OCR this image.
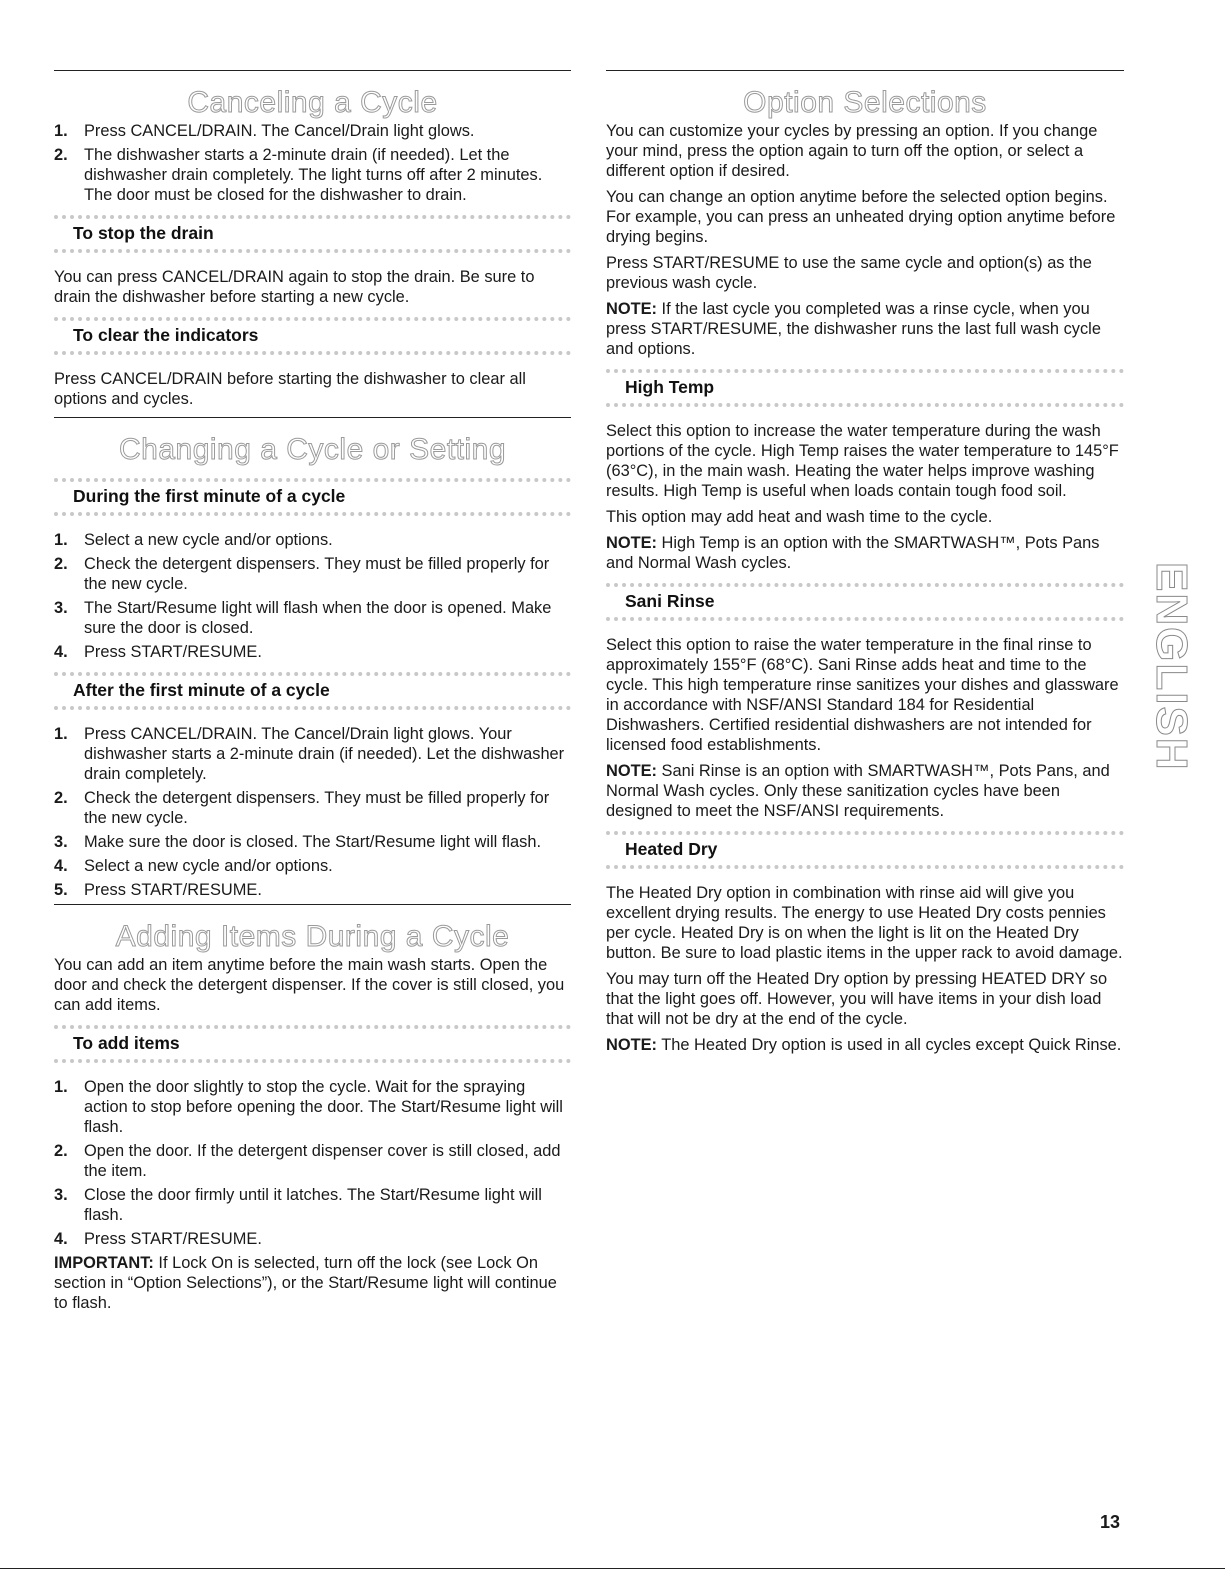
Canceling a Cycle
1. Press CANCEL/DRAIN. The Cancel/Drain light glows.
2. The dishwasher starts a 2-minute drain (if needed). Let the dishwasher drain completely. The light turns off after 2 minutes. The door must be closed for the dishwasher to drain.
To stop the drain

You can press CANCEL/DRAIN again to stop the drain. Be sure to drain the dishwasher before starting a new cycle.

To clear the indicators

Press CANCEL/DRAIN before starting the dishwasher to clear all options and cycles.

Changing a Cycle or Setting
During the first minute of a cycle
1. Select a new cycle and/or options.
2. Check the detergent dispensers. They must be filled properly for the new cycle.
3. The Start/Resume light will flash when the door is opened. Make sure the door is closed.
4. Press START/RESUME.
After the first minute of a cycle
1. Press CANCEL/DRAIN. The Cancel/Drain light glows. Your dishwasher starts a 2-minute drain (if needed). Let the dishwasher drain completely.
2. Check the detergent dispensers. They must be filled properly for the new cycle.
3. Make sure the door is closed. The Start/Resume light will flash.
4. Select a new cycle and/or options.
5. Press START/RESUME.
Adding Items During a Cycle

You can add an item anytime before the main wash starts. Open the door and check the detergent dispenser. If the cover is still closed, you can add items.

To add items
1. Open the door slightly to stop the cycle. Wait for the spraying action to stop before opening the door. The Start/Resume light will flash.
2. Open the door. If the detergent dispenser cover is still closed, add the item.
3. Close the door firmly until it latches. The Start/Resume light will flash.
4. Press START/RESUME.

IMPORTANT: If Lock On is selected, turn off the lock (see Lock On section in “Option Selections”), or the Start/Resume light will continue to flash.

Option Selections

You can customize your cycles by pressing an option. If you change your mind, press the option again to turn off the option, or select a different option if desired.

You can change an option anytime before the selected option begins. For example, you can press an unheated drying option anytime before drying begins.

Press START/RESUME to use the same cycle and option(s) as the previous wash cycle.

NOTE: If the last cycle you completed was a rinse cycle, when you press START/RESUME, the dishwasher runs the last full wash cycle and options.

High Temp

Select this option to increase the water temperature during the wash portions of the cycle. High Temp raises the water temperature to 145°F (63°C), in the main wash. Heating the water helps improve washing results. High Temp is useful when loads contain tough food soil.

This option may add heat and wash time to the cycle.

NOTE: High Temp is an option with the SMARTWASH™, Pots Pans and Normal Wash cycles.

Sani Rinse

Select this option to raise the water temperature in the final rinse to approximately 155°F (68°C). Sani Rinse adds heat and time to the cycle. This high temperature rinse sanitizes your dishes and glassware in accordance with NSF/ANSI Standard 184 for Residential Dishwashers. Certified residential dishwashers are not intended for licensed food establishments.

NOTE: Sani Rinse is an option with SMARTWASH™, Pots Pans, and Normal Wash cycles. Only these sanitization cycles have been designed to meet the NSF/ANSI requirements.

Heated Dry

The Heated Dry option in combination with rinse aid will give you excellent drying results. The energy to use Heated Dry costs pennies per cycle. Heated Dry is on when the light is lit on the Heated Dry button. Be sure to load plastic items in the upper rack to avoid damage.

You may turn off the Heated Dry option by pressing HEATED DRY so that the light goes off. However, you will have items in your dish load that will not be dry at the end of the cycle.

NOTE: The Heated Dry option is used in all cycles except Quick Rinse.

ENGLISH
13
